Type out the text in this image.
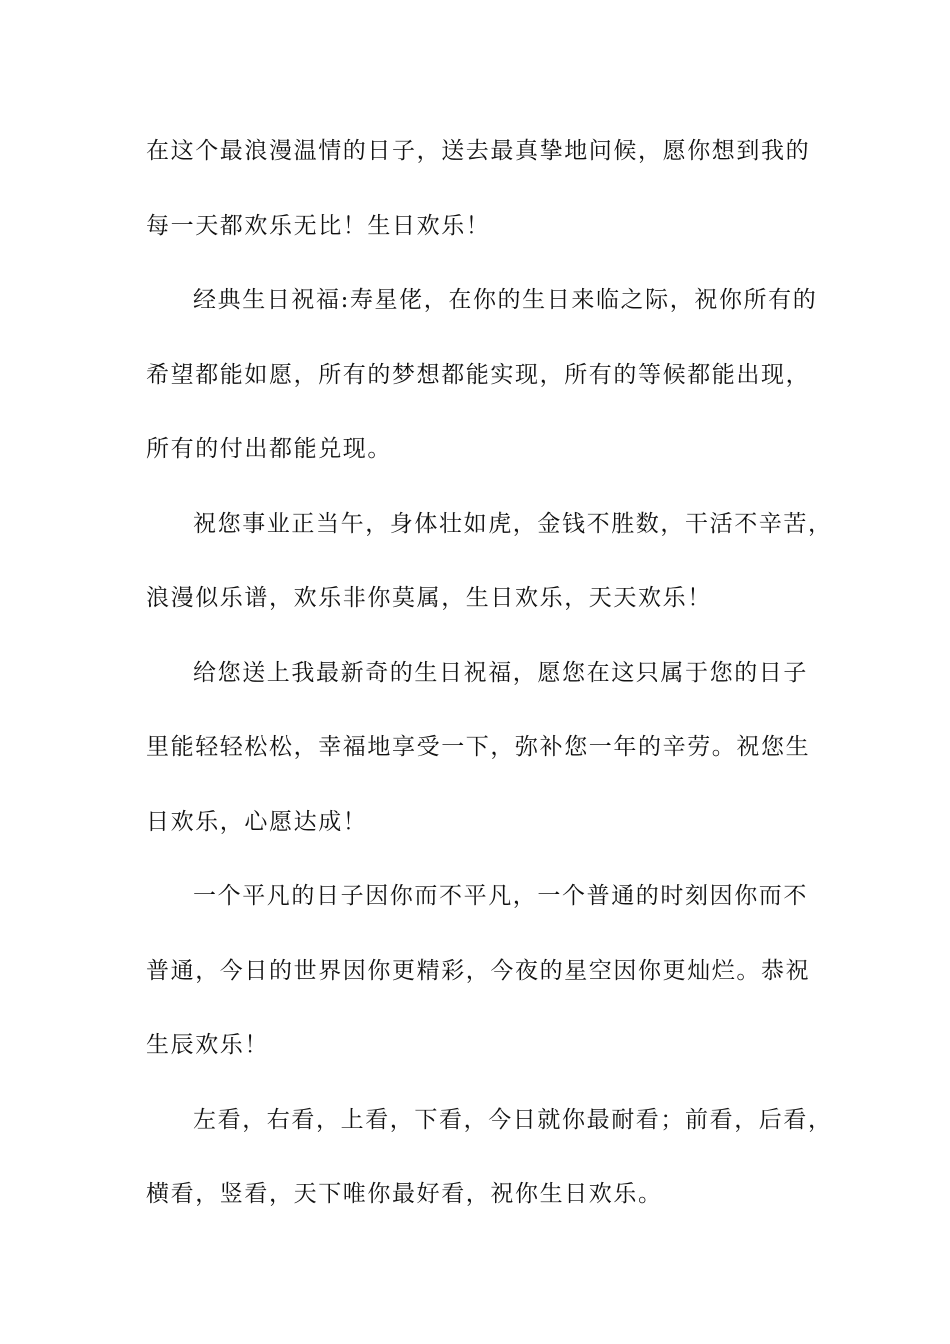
在这个最浪漫温情的日子，送去最真挚地问候，愿你想到我的
每一天都欢乐无比！生日欢乐！
经典生日祝福:寿星佬，在你的生日来临之际，祝你所有的
希望都能如愿，所有的梦想都能实现，所有的等候都能出现，
所有的付出都能兑现。
祝您事业正当午，身体壮如虎，金钱不胜数，干活不辛苦，
浪漫似乐谱，欢乐非你莫属，生日欢乐，天天欢乐！
给您送上我最新奇的生日祝福，愿您在这只属于您的日子
里能轻轻松松，幸福地享受一下，弥补您一年的辛劳。祝您生
日欢乐，心愿达成！
一个平凡的日子因你而不平凡，一个普通的时刻因你而不
普通，今日的世界因你更精彩，今夜的星空因你更灿烂。恭祝
生辰欢乐！
左看，右看，上看，下看，今日就你最耐看；前看，后看，
横看，竖看，天下唯你最好看，祝你生日欢乐。
